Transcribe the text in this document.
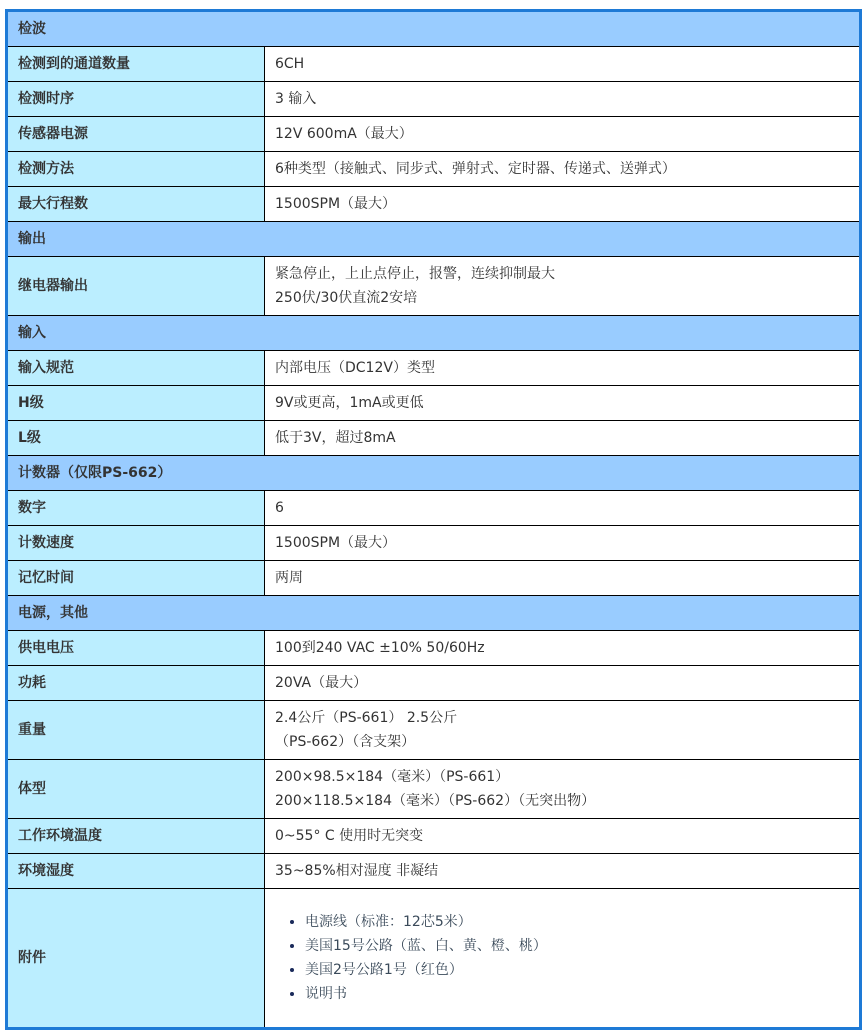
检波	
检测到的通道数量	6CH
检测时序	3 输入
传感器电源	12V 600mA（最大）
检测方法	6种类型（接触式、同步式、弹射式、定时器、传递式、送弹式）
最大行程数	1500SPM（最大）
输出	
继电器输出	紧急停止，上止点停止，报警，连续抑制最大
250伏/30伏直流2安培

输入	
输入规范	内部电压（DC12V）类型
H级	9V或更高，1mA或更低
L级	低于3V，超过8mA
计数器（仅限PS-662）	
数字	6
计数速度	1500SPM（最大）
记忆时间	两周
电源，其他	
供电电压	100到240 VAC ±10% 50/60Hz
功耗	20VA（最大）
重量	2.4公斤（PS-661） 2.5公斤
（PS-662）（含支架）

体型	200×98.5×184（毫米）（PS-661）
200×118.5×184（毫米）（PS-662）（无突出物）

工作环境温度	0~55° C 使用时无突变
环境湿度	35~85%相对湿度 非凝结
附件	
• 电源线（标准：12芯5米）
• 美国15号公路（蓝、白、黄、橙、桃）
• 美国2号公路1号（红色）
• 说明书
